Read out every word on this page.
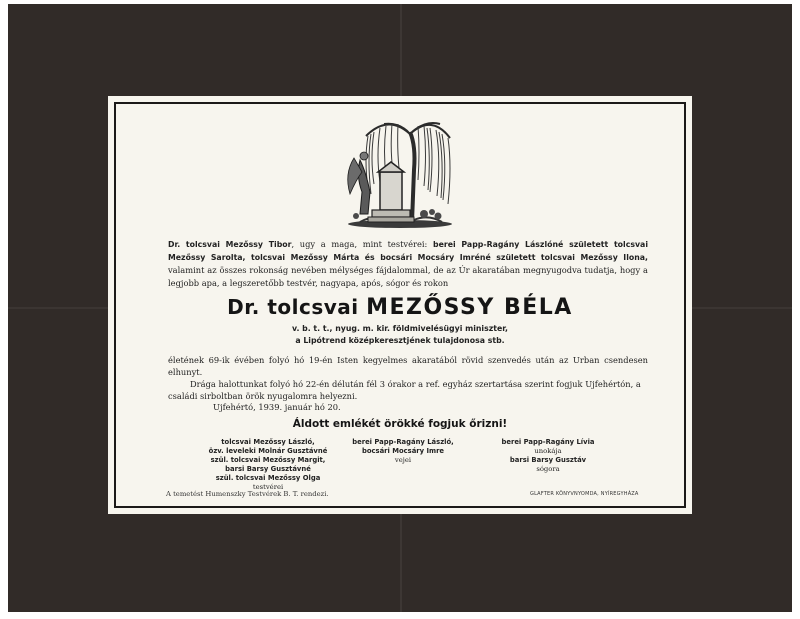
Dr. tolcsvai Mezőssy Tibor, ugy a maga, mint testvérei: berei Papp-Ragány Lászlóné született tolcsvai Mezőssy Sarolta, tolcsvai Mezőssy Márta és bocsári Mocsáry Imréné született tolcsvai Mezőssy Ilona, valamint az összes rokonság nevében mélységes fájdalommal, de az Úr akaratában megnyugodva tudatja, hogy a legjobb apa, a legszeretőbb testvér, nagyapa, após, sógor és rokon
Dr. tolcsvai MEZŐSSY BÉLA
v. b. t. t., nyug. m. kir. földmivelésügyi miniszter,
a Lipótrend középkeresztjének tulajdonosa stb.
életének 69-ik évében folyó hó 19-én Isten kegyelmes akaratából rövid szenvedés után az Urban csendesen elhunyt.
Drága halottunkat folyó hó 22-én délután fél 3 órakor a ref. egyház szertartása szerint fogjuk Ujfehértón, a családi sirboltban örök nyugalomra helyezni.
Ujfehértó, 1939. január hó 20.
Áldott emlékét örökké fogjuk őrizni!
tolcsvai Mezőssy László,
özv. leveleki Molnár Gusztávné
szül. tolcsvai Mezőssy Margit,
barsi Barsy Gusztávné
szül. tolcsvai Mezőssy Olga
testvérei
berei Papp-Ragány László,
bocsári Mocsáry Imre
vejei
berei Papp-Ragány Lívia
unokája
barsi Barsy Gusztáv
sógora
A temetést Humenszky Testvérek B. T. rendezi.	GLAFTER KÖNYVNYOMDA, NYÍREGYHÁZA
